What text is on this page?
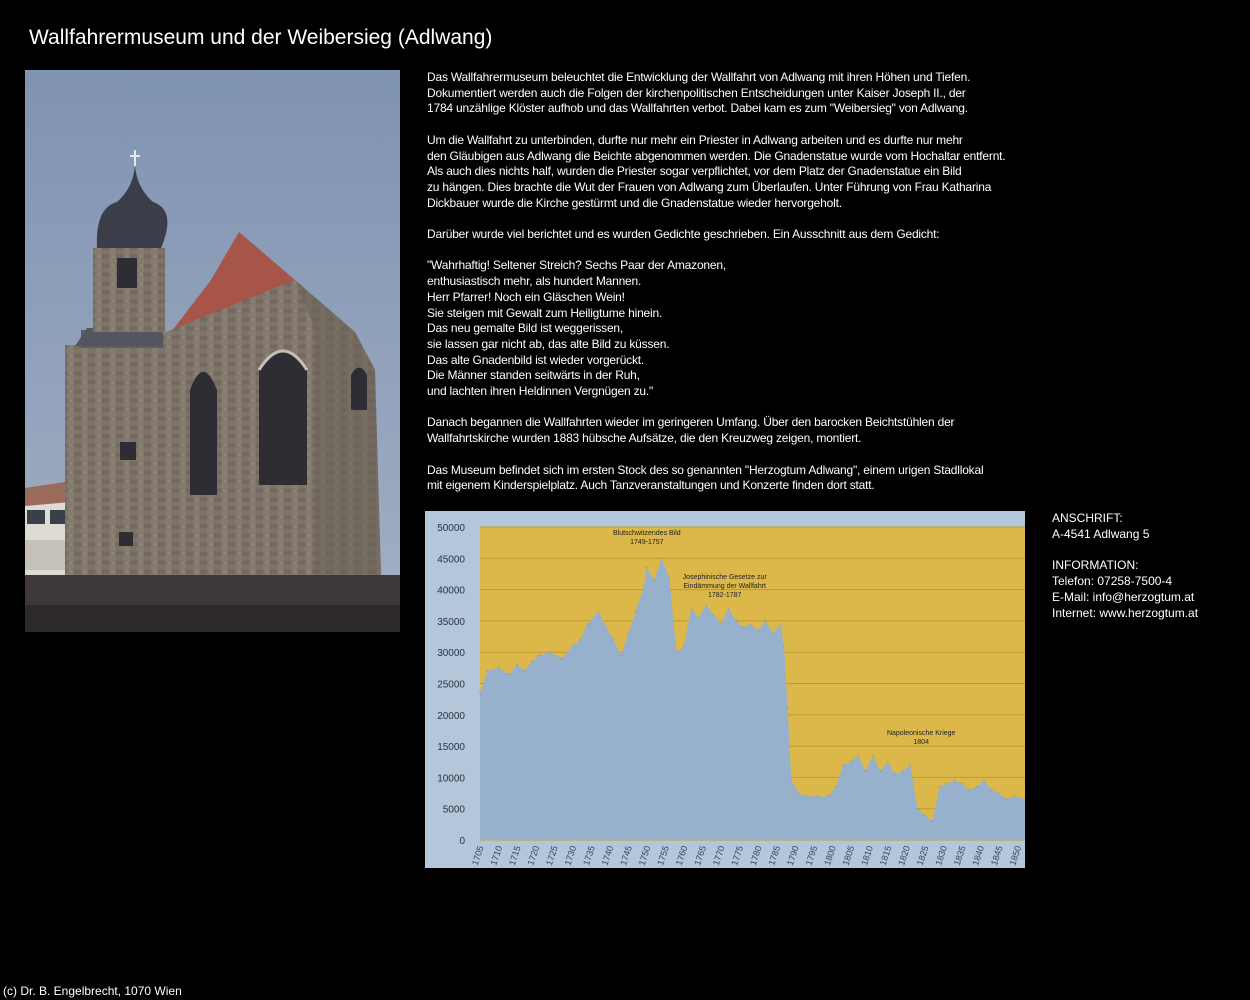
Wallfahrermuseum und der Weibersieg (Adlwang)

Das Wallfahrermuseum beleuchtet die Entwicklung der Wallfahrt von Adlwang mit ihren Höhen und Tiefen.
Dokumentiert werden auch die Folgen der kirchenpolitischen Entscheidungen unter Kaiser Joseph II., der
1784 unzählige Klöster aufhob und das Wallfahrten verbot. Dabei kam es zum "Weibersieg" von Adlwang.

Um die Wallfahrt zu unterbinden, durfte nur mehr ein Priester in Adlwang arbeiten und es durfte nur mehr
den Gläubigen aus Adlwang die Beichte abgenommen werden. Die Gnadenstatue wurde vom Hochaltar entfernt.
Als auch dies nichts half, wurden die Priester sogar verpflichtet, vor dem Platz der Gnadenstatue ein Bild
zu hängen. Dies brachte die Wut der Frauen von Adlwang zum Überlaufen. Unter Führung von Frau Katharina
Dickbauer wurde die Kirche gestürmt und die Gnadenstatue wieder hervorgeholt.

Darüber wurde viel berichtet und es wurden Gedichte geschrieben. Ein Ausschnitt aus dem Gedicht:

"Wahrhaftig! Seltener Streich? Sechs Paar der Amazonen,
enthusiastisch mehr, als hundert Mannen.
Herr Pfarrer! Noch ein Gläschen Wein!
Sie steigen mit Gewalt zum Heiligtume hinein.
Das neu gemalte Bild ist weggerissen,
sie lassen gar nicht ab, das alte Bild zu küssen.
Das alte Gnadenbild ist wieder vorgerückt.
Die Männer standen seitwärts in der Ruh,
und lachten ihren Heldinnen Vergnügen zu."

Danach begannen die Wallfahrten wieder im geringeren Umfang. Über den barocken Beichtstühlen der
Wallfahrtskirche wurden 1883 hübsche Aufsätze, die den Kreuzweg zeigen, montiert.

Das Museum befindet sich im ersten Stock des so genannten "Herzogtum Adlwang", einem urigen Stadllokal
mit eigenem Kinderspielplatz. Auch Tanzveranstaltungen und Konzerte finden dort statt.

0
5000
10000
15000
20000
25000
30000
35000
40000
45000
50000
1705 1710 1715 1720 1725 1730 1735 1740 1745 1750 1755 1760 1765 1770 1775 1780 1785 1790 1795 1800 1805 1810 1815 1820 1825 1830 1835 1840 1845 1850
Blutschwitzendes Bild
1749-1757
Josephinische Gesetze zur
Eindämmung der Wallfahrt
1782-1787
Napoleonische Kriege
1804

ANSCHRIFT:
A-4541 Adlwang 5

INFORMATION:
Telefon: 07258-7500-4
E-Mail: info@herzogtum.at
Internet: www.herzogtum.at

(c) Dr. B. Engelbrecht, 1070 Wien
